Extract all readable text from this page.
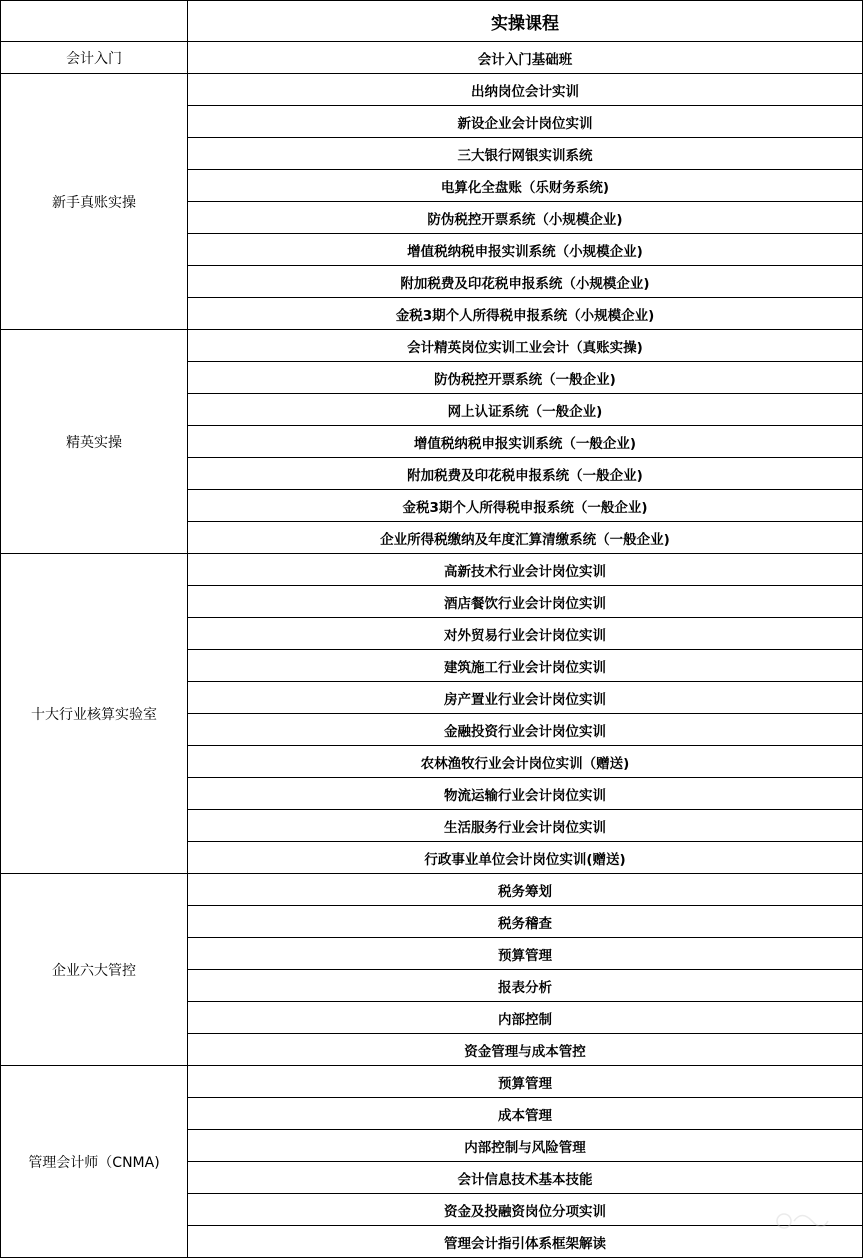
	实操课程
会计入门	会计入门基础班
新手真账实操	出纳岗位会计实训
	新设企业会计岗位实训
	三大银行网银实训系统
	电算化全盘账（乐财务系统)
	防伪税控开票系统（小规模企业)
	增值税纳税申报实训系统（小规模企业)
	附加税费及印花税申报系统（小规模企业)
	金税3期个人所得税申报系统（小规模企业)
精英实操	会计精英岗位实训工业会计（真账实操)
	防伪税控开票系统（一般企业)
	网上认证系统（一般企业)
	增值税纳税申报实训系统（一般企业)
	附加税费及印花税申报系统（一般企业)
	金税3期个人所得税申报系统（一般企业)
	企业所得税缴纳及年度汇算清缴系统（一般企业)
十大行业核算实验室	高新技术行业会计岗位实训
	酒店餐饮行业会计岗位实训
	对外贸易行业会计岗位实训
	建筑施工行业会计岗位实训
	房产置业行业会计岗位实训
	金融投资行业会计岗位实训
	农林渔牧行业会计岗位实训（赠送)
	物流运输行业会计岗位实训
	生活服务行业会计岗位实训
	行政事业单位会计岗位实训(赠送)
企业六大管控	税务筹划
	税务稽查
	预算管理
	报表分析
	内部控制
	资金管理与成本管控
管理会计师（CNMA)	预算管理
	成本管理
	内部控制与风险管理
	会计信息技术基本技能
	资金及投融资岗位分项实训
	管理会计指引体系框架解读
